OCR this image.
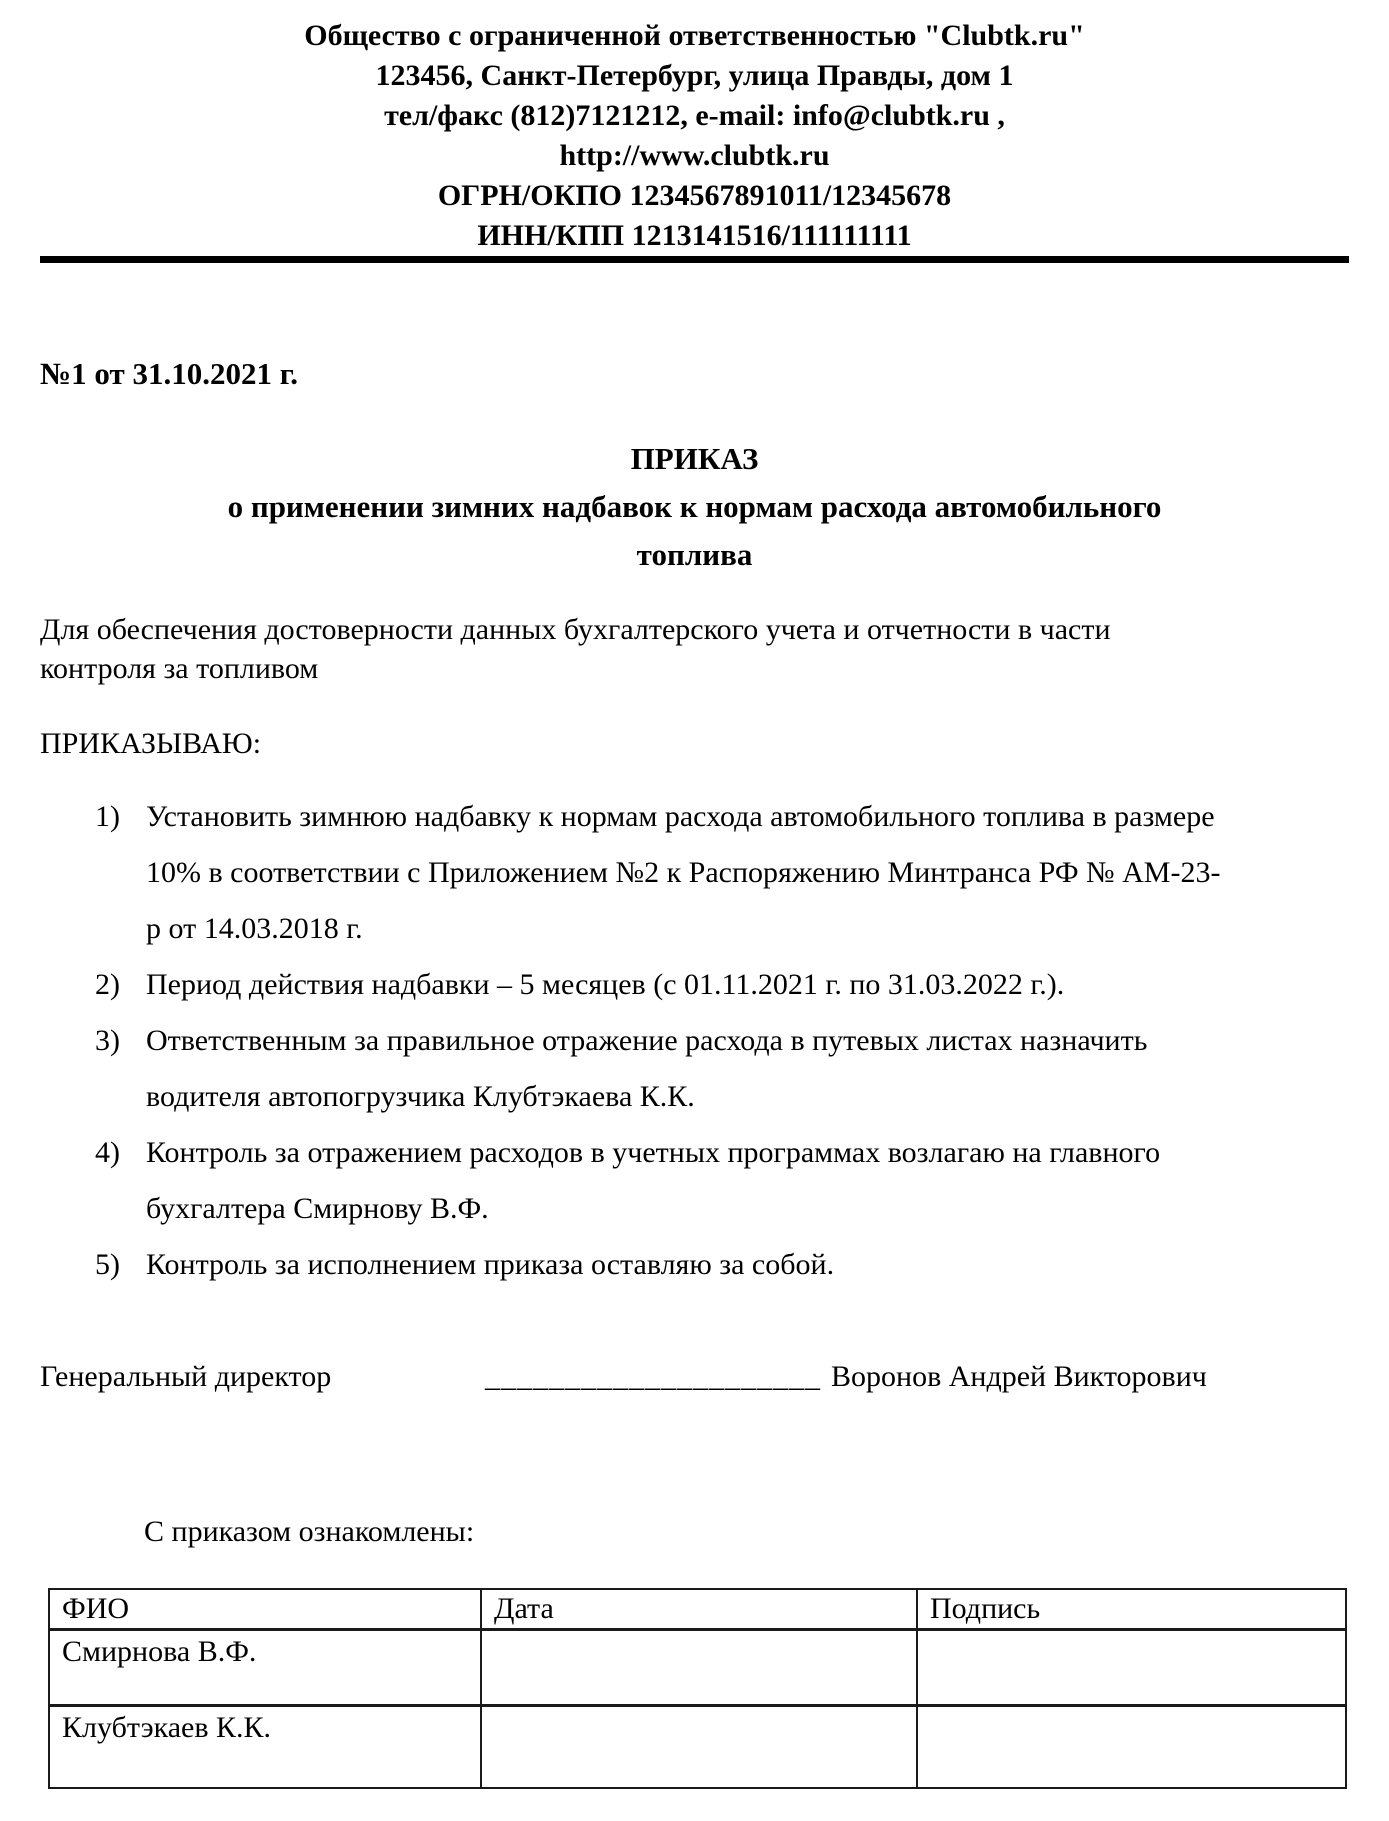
Общество с ограниченной ответственностью "Clubtk.ru"
123456, Санкт-Петербург, улица Правды, дом 1
тел/факс (812)7121212, e-mail: info@clubtk.ru ,
http://www.clubtk.ru
ОГРН/ОКПО 1234567891011/12345678
ИНН/КПП 1213141516/111111111
№1 от 31.10.2021 г.
ПРИКАЗ
о применении зимних надбавок к нормам расхода автомобильного
топлива
Для обеспечения достоверности данных бухгалтерского учета и отчетности в части
контроля за топливом
ПРИКАЗЫВАЮ:
1) Установить зимнюю надбавку к нормам расхода автомобильного топлива в размере
10% в соответствии с Приложением №2 к Распоряжению Минтранса РФ № АМ-23-
р от 14.03.2018 г.
2) Период действия надбавки – 5 месяцев (с 01.11.2021 г. по 31.03.2022 г.).
3) Ответственным за правильное отражение расхода в путевых листах назначить
водителя автопогрузчика Клубтэкаева К.К.
4) Контроль за отражением расходов в учетных программах возлагаю на главного
бухгалтера Смирнову В.Ф.
5) Контроль за исполнением приказа оставляю за собой.
Генеральный директор	_____________________ Воронов Андрей Викторович
С приказом ознакомлены:
ФИО	Дата	Подпись
Смирнова В.Ф.		
Клубтэкаев К.К.		
